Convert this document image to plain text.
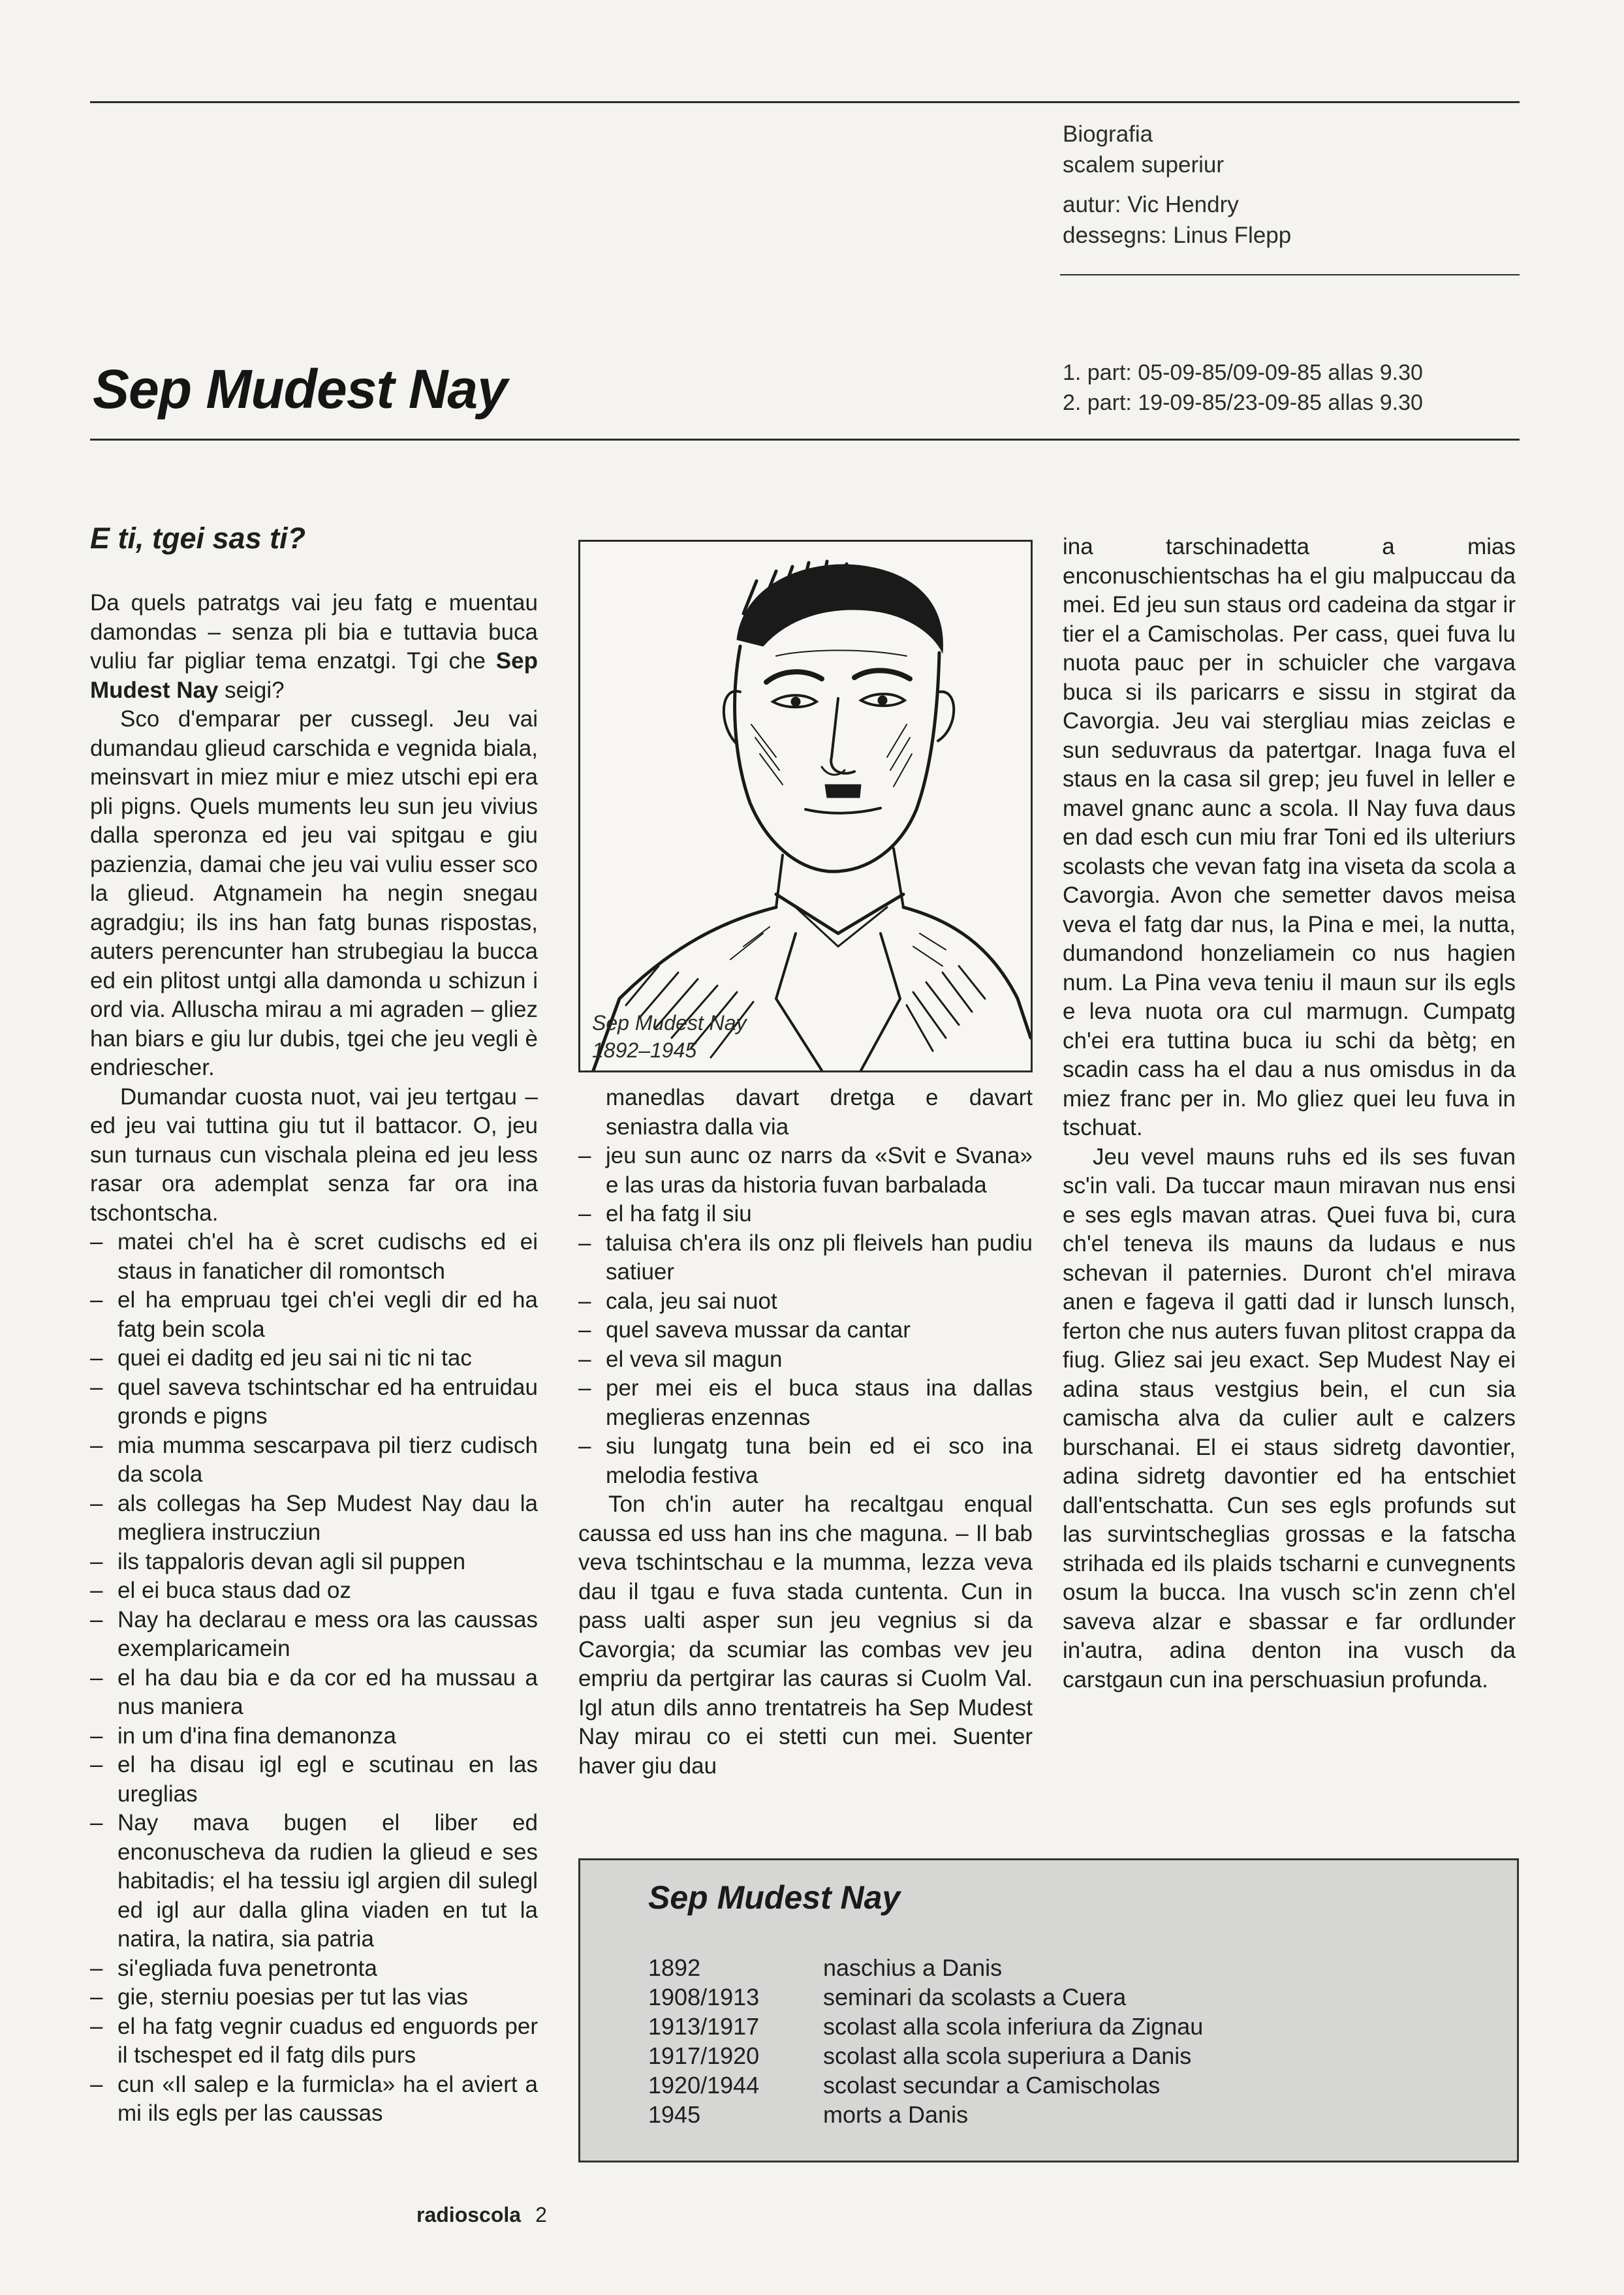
Biografia
scalem superiur
autur: Vic Hendry
dessegns: Linus Flepp
Sep Mudest Nay	1. part: 05-09-85/09-09-85 allas 9.30
2. part: 19-09-85/23-09-85 allas 9.30
E ti, tgei sas ti?

Da quels patratgs vai jeu fatg e muentau damondas – senza pli bia e tuttavia buca vuliu far pigliar tema enzatgi. Tgi che Sep Mudest Nay seigi?

Sco d'emparar per cussegl. Jeu vai dumandau glieud carschida e vegnida biala, meinsvart in miez miur e miez utschi epi era pli pigns. Quels muments leu sun jeu vivius dalla speronza ed jeu vai spitgau e giu pazienzia, damai che jeu vai vuliu esser sco la glieud. Atgnamein ha negin snegau agradgiu; ils ins han fatg bunas rispostas, auters perencunter han strubegiau la bucca ed ein plitost untgi alla damonda u schizun i ord via. Alluscha mirau a mi agraden – gliez han biars e giu lur dubis, tgei che jeu vegli è endriescher.

Dumandar cuosta nuot, vai jeu tertgau – ed jeu vai tuttina giu tut il battacor. O, jeu sun turnaus cun vischala pleina ed jeu less rasar ora ademplat senza far ora ina tschontscha.

– matei ch'el ha è scret cudischs ed ei staus in fanaticher dil romontsch
– el ha empruau tgei ch'ei vegli dir ed ha fatg bein scola
– quei ei daditg ed jeu sai ni tic ni tac
– quel saveva tschintschar ed ha entruidau gronds e pigns
– mia mumma sescarpava pil tierz cudisch da scola
– als collegas ha Sep Mudest Nay dau la megliera instrucziun
– ils tappaloris devan agli sil puppen
– el ei buca staus dad oz
– Nay ha declarau e mess ora las caussas exemplaricamein
– el ha dau bia e da cor ed ha mussau a nus maniera
– in um d'ina fina demanonza
– el ha disau igl egl e scutinau en las ureglias
– Nay mava bugen el liber ed enconuscheva da rudien la glieud e ses habitadis; el ha tessiu igl argien dil sulegl ed igl aur dalla glina viaden en tut la natira, la natira, sia patria
– si'egliada fuva penetronta
– gie, sterniu poesias per tut las vias
– el ha fatg vegnir cuadus ed enguords per il tschespet ed il fatg dils purs
– cun «Il salep e la furmicla» ha el aviert a mi ils egls per las caussas
Sep Mudest Nay
1892–1945

manedlas davart dretga e davart seniastra dalla via

– jeu sun aunc oz narrs da «Svit e Svana» e las uras da historia fuvan barbalada
– el ha fatg il siu
– taluisa ch'era ils onz pli fleivels han pudiu satiuer
– cala, jeu sai nuot
– quel saveva mussar da cantar
– el veva sil magun
– per mei eis el buca staus ina dallas meglieras enzennas
– siu lungatg tuna bein ed ei sco ina melodia festiva

Ton ch'in auter ha recaltgau enqual caussa ed uss han ins che maguna. – Il bab veva tschintschau e la mumma, lezza veva dau il tgau e fuva stada cuntenta. Cun in pass ualti asper sun jeu vegnius si da Cavorgia; da scumiar las combas vev jeu empriu da pertgirar las cauras si Cuolm Val. Igl atun dils anno trentatreis ha Sep Mudest Nay mirau co ei stetti cun mei. Suenter haver giu dau

ina tarschinadetta a mias enconuschientschas ha el giu malpuccau da mei. Ed jeu sun staus ord cadeina da stgar ir tier el a Camischolas. Per cass, quei fuva lu nuota pauc per in schuicler che vargava buca si ils paricarrs e sissu in stgirat da Cavorgia. Jeu vai stergliau mias zeiclas e sun seduvraus da patertgar. Inaga fuva el staus en la casa sil grep; jeu fuvel in leller e mavel gnanc aunc a scola. Il Nay fuva daus en dad esch cun miu frar Toni ed ils ulteriurs scolasts che vevan fatg ina viseta da scola a Cavorgia. Avon che semetter davos meisa veva el fatg dar nus, la Pina e mei, la nutta, dumandond honzeliamein co nus hagien num. La Pina veva teniu il maun sur ils egls e leva nuota ora cul marmugn. Cumpatg ch'ei era tuttina buca iu schi da bètg; en scadin cass ha el dau a nus omisdus in da miez franc per in. Mo gliez quei leu fuva in tschuat.

Jeu vevel mauns ruhs ed ils ses fuvan sc'in vali. Da tuccar maun miravan nus ensi e ses egls mavan atras. Quei fuva bi, cura ch'el teneva ils mauns da ludaus e nus schevan il paternies. Duront ch'el mirava anen e fageva il gatti dad ir lunsch lunsch, ferton che nus auters fuvan plitost crappa da fiug. Gliez sai jeu exact. Sep Mudest Nay ei adina staus vestgius bein, el cun sia camischa alva da culier ault e calzers burschanai. El ei staus sidretg davontier, adina sidretg davontier ed ha entschiet dall'entschatta. Cun ses egls profunds sut las survintscheglias grossas e la fatscha strihada ed ils plaids tscharni e cunvegnents osum la bucca. Ina vusch sc'in zenn ch'el saveva alzar e sbassar e far ordlunder in'autra, adina denton ina vusch da carstgaun cun ina perschuasiun profunda.

Sep Mudest Nay
1892	naschius a Danis
1908/1913	seminari da scolasts a Cuera
1913/1917	scolast alla scola inferiura da Zignau
1917/1920	scolast alla scola superiura a Danis
1920/1944	scolast secundar a Camischolas
1945	morts a Danis
radioscola 2
